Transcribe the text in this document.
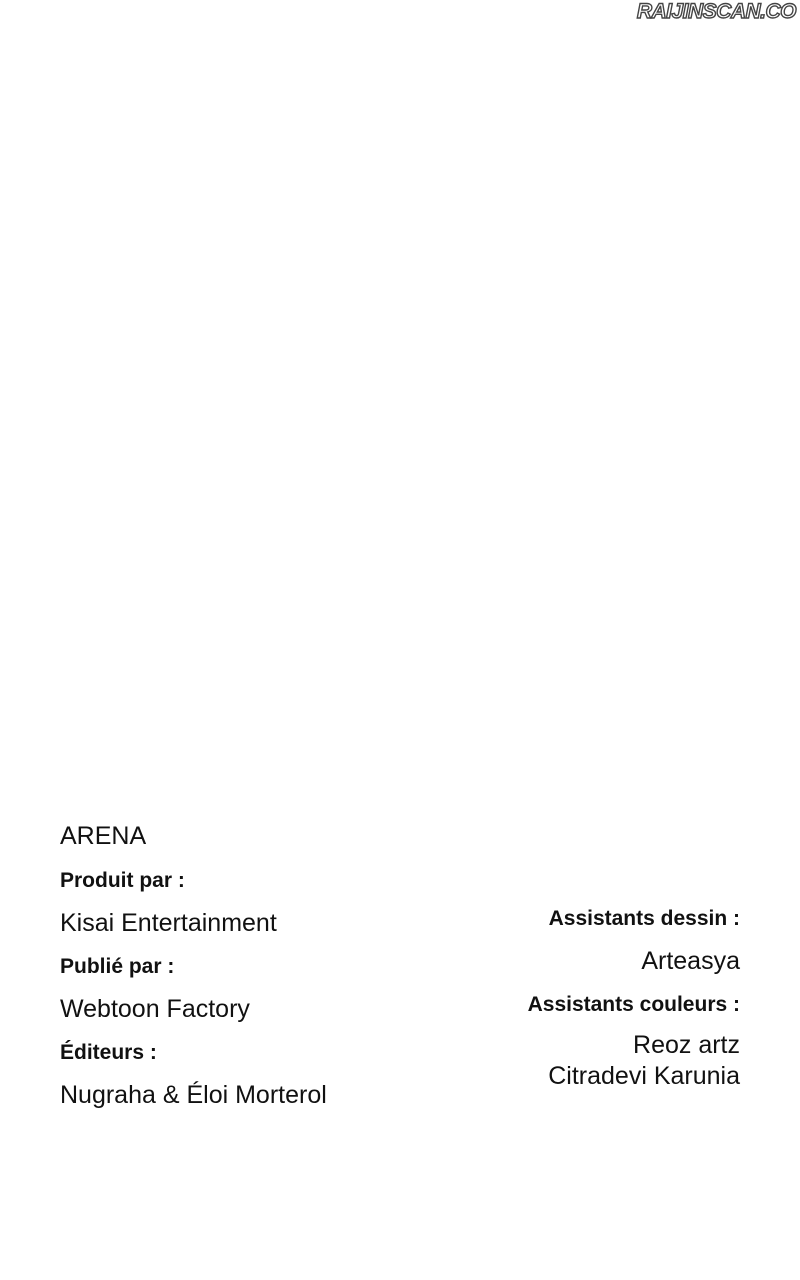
RAIJINSCAN.CO
ARENA
Produit par :
Kisai Entertainment
Publié par :
Webtoon Factory
Éditeurs :
Nugraha & Éloi Morterol
Assistants dessin :
Arteasya
Assistants couleurs :
Reoz artz
Citradevi Karunia
